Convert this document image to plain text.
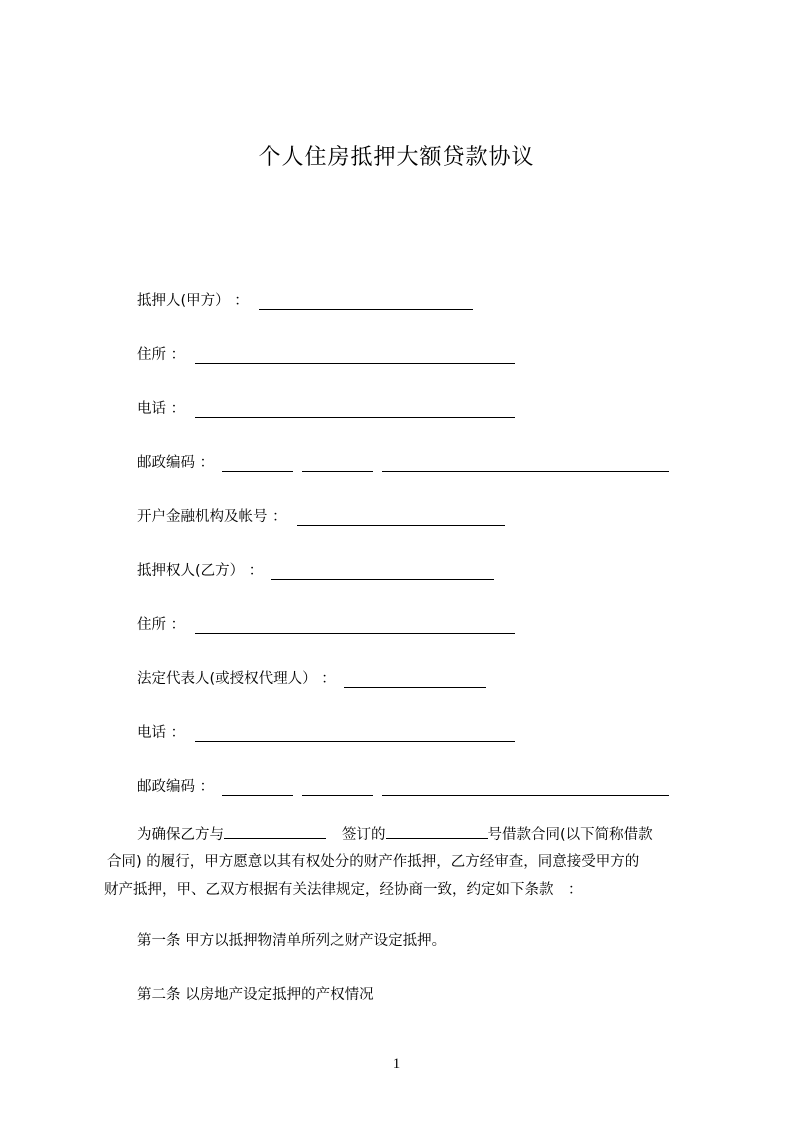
个人住房抵押大额贷款协议
抵押人(甲方） ：
住所 ：
电话 ：
邮政编码 ：
开户金融机构及帐号 ：
抵押权人(乙方） ：
住所 ：
法定代表人(或授权代理人） ：
电话 ：
邮政编码 ：
为确保乙方与	签订的	号借款合同(以下简称借款
合同) 的履行，甲方愿意以其有权处分的财产作抵押，乙方经审查，同意接受甲方的
财产抵押，甲、乙双方根据有关法律规定，经协商一致，约定如下条款　：
第一条 甲方以抵押物清单所列之财产设定抵押。
第二条 以房地产设定抵押的产权情况
1
